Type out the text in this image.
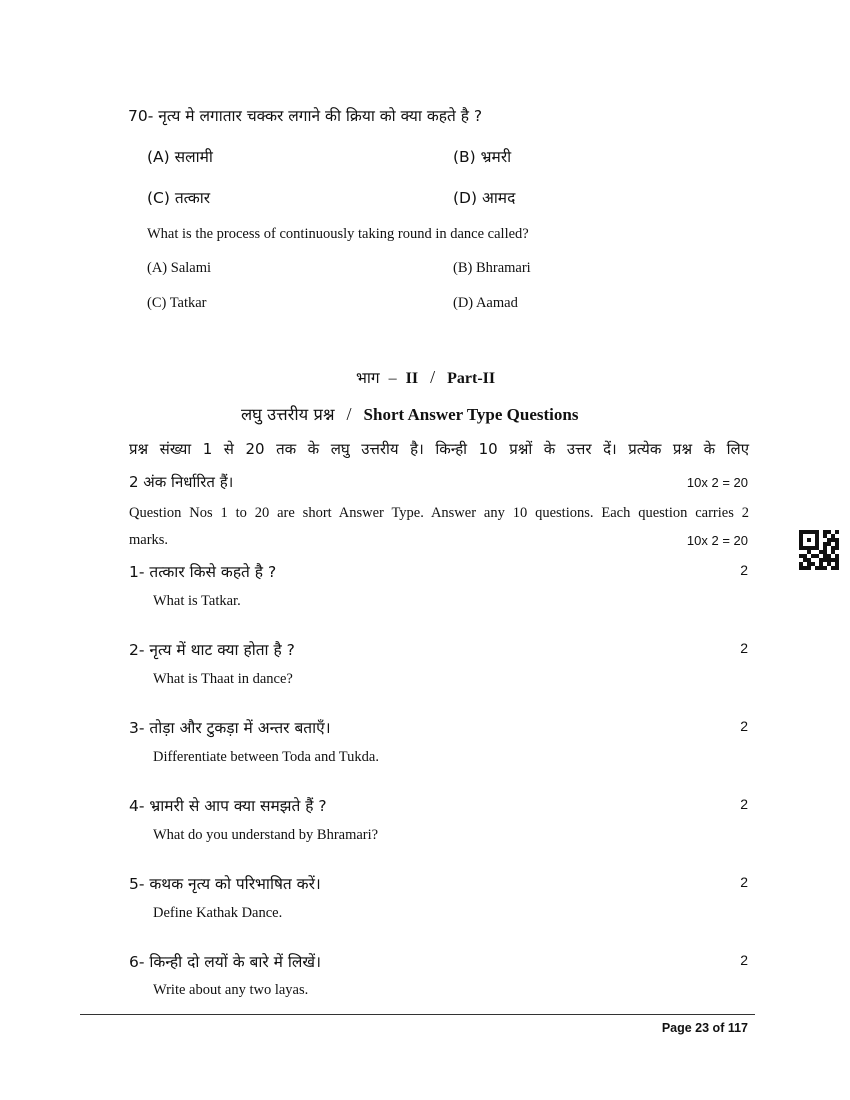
70- नृत्य मे लगातार चक्कर लगाने की क्रिया को क्या कहते है ?
(A) सलामी	(B) भ्रमरी
(C) तत्कार	(D) आमद
What is the process of continuously taking round in dance called?
(A) Salami	(B) Bhramari
(C) Tatkar	(D) Aamad
भाग – II / Part-II
लघु उत्तरीय प्रश्न / Short Answer Type Questions
प्रश्न संख्या 1 से 20 तक के लघु उत्तरीय है। किन्ही 10 प्रश्नों के उत्तर दें। प्रत्येक प्रश्न के लिए
2 अंक निर्धारित हैं।	10x 2 = 20
Question Nos 1 to 20 are short Answer Type. Answer any 10 questions. Each question carries 2
marks.	10x 2 = 20
1- तत्कार किसे कहते है ?	2
What is Tatkar.
2- नृत्य में थाट क्या होता है ?	2
What is Thaat in dance?
3- तोड़ा और टुकड़ा में अन्तर बताएँ।	2
Differentiate between Toda and Tukda.
4- भ्रामरी से आप क्या समझते हैं ?	2
What do you understand by Bhramari?
5- कथक नृत्य को परिभाषित करें।	2
Define Kathak Dance.
6- किन्ही दो लयों के बारे में लिखें।	2
Write about any two layas.
Page 23 of 117
